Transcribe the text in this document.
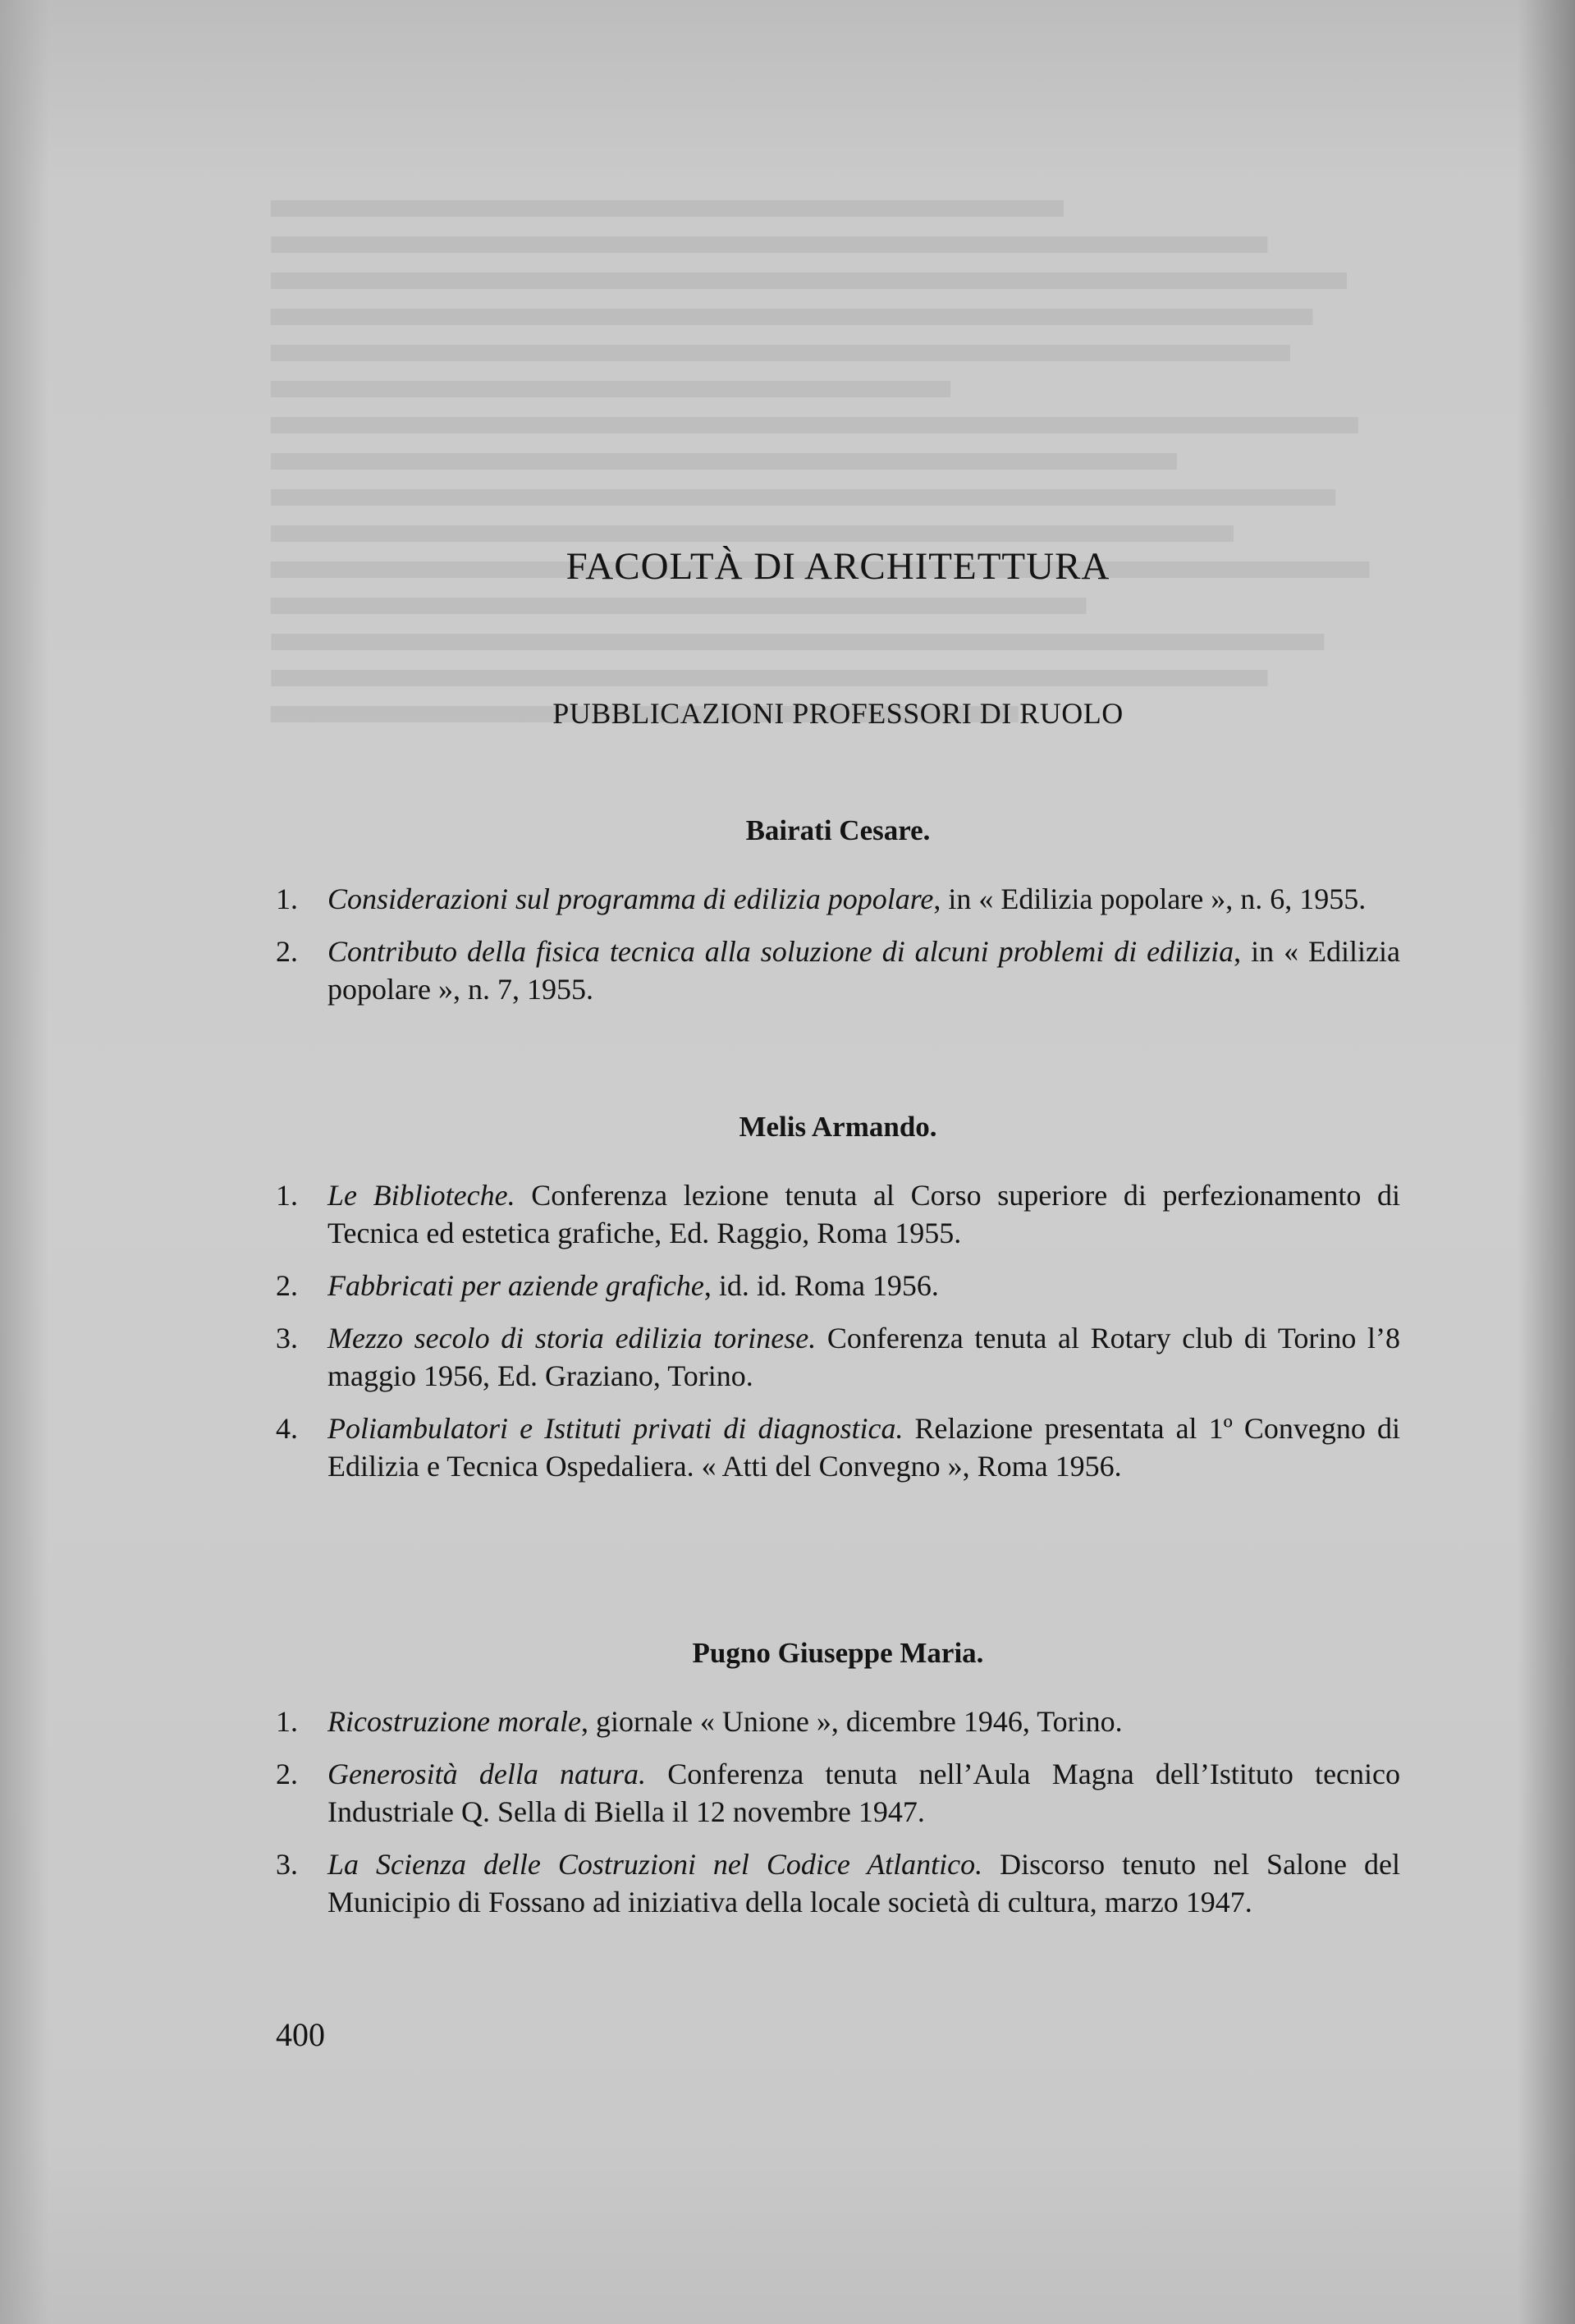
FACOLTÀ DI ARCHITETTURA
PUBBLICAZIONI PROFESSORI DI RUOLO

Bairati Cesare.

1. Considerazioni sul programma di edilizia popolare, in « Edilizia popolare », n. 6, 1955.

2. Contributo della fisica tecnica alla soluzione di alcuni problemi di edilizia, in « Edilizia popolare », n. 7, 1955.

Melis Armando.

1. Le Biblioteche. Conferenza lezione tenuta al Corso superiore di perfezionamento di Tecnica ed estetica grafiche, Ed. Raggio, Roma 1955.

2. Fabbricati per aziende grafiche, id. id. Roma 1956.

3. Mezzo secolo di storia edilizia torinese. Conferenza tenuta al Rotary club di Torino l’8 maggio 1956, Ed. Graziano, Torino.

4. Poliambulatori e Istituti privati di diagnostica. Relazione presentata al 1º Convegno di Edilizia e Tecnica Ospedaliera. « Atti del Convegno », Roma 1956.

Pugno Giuseppe Maria.

1. Ricostruzione morale, giornale « Unione », dicembre 1946, Torino.

2. Generosità della natura. Conferenza tenuta nell’Aula Magna dell’Istituto tecnico Industriale Q. Sella di Biella il 12 novembre 1947.

3. La Scienza delle Costruzioni nel Codice Atlantico. Discorso tenuto nel Salone del Municipio di Fossano ad iniziativa della locale società di cultura, marzo 1947.

400
